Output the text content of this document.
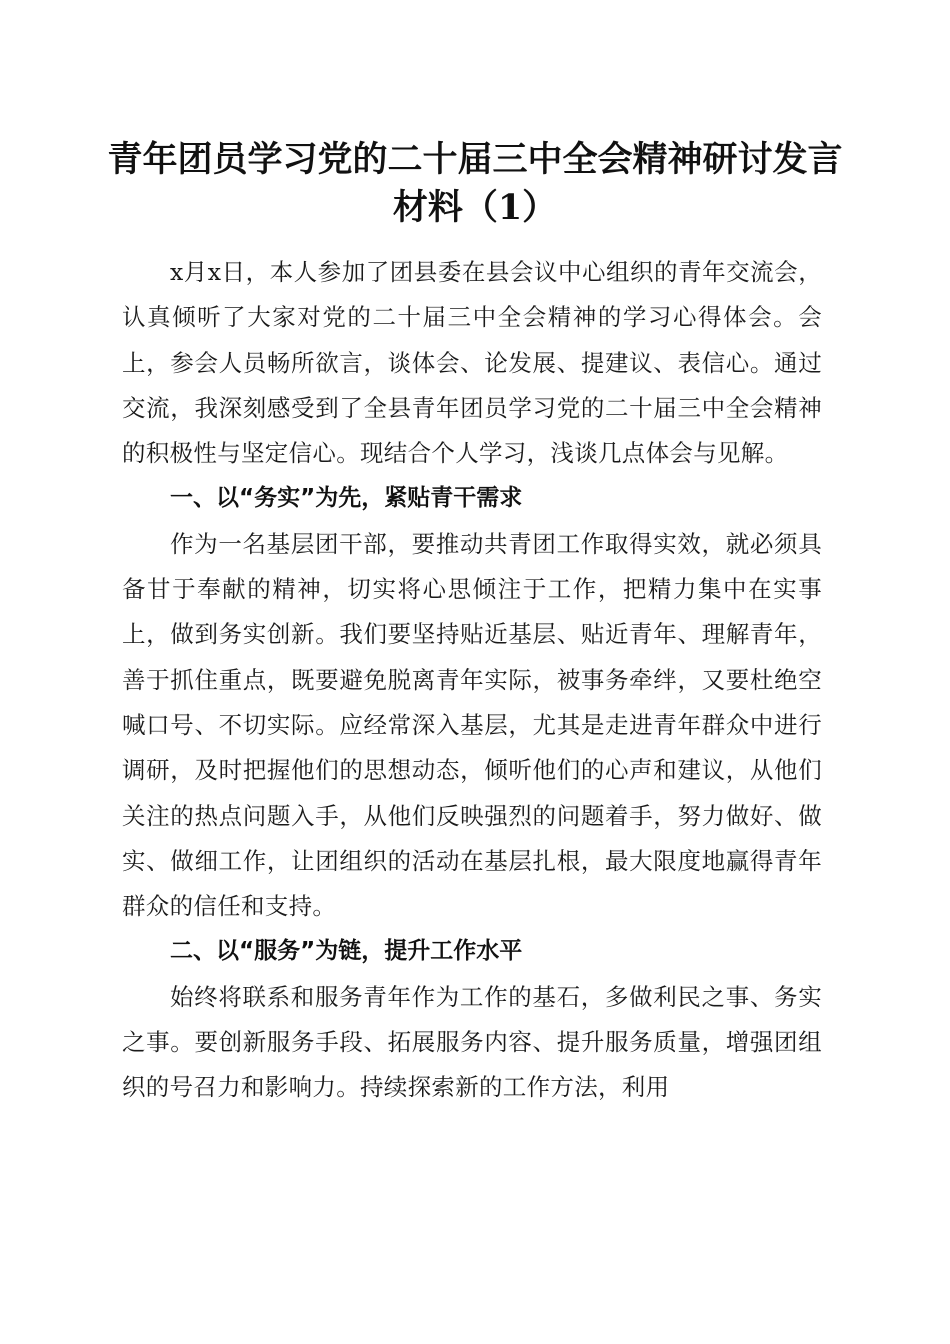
青年团员学习党的二十届三中全会精神研讨发言材料（1）

x月x日，本人参加了团县委在县会议中心组织的青年交流会，认真倾听了大家对党的二十届三中全会精神的学习心得体会。会上，参会人员畅所欲言，谈体会、论发展、提建议、表信心。通过交流，我深刻感受到了全县青年团员学习党的二十届三中全会精神的积极性与坚定信心。现结合个人学习，浅谈几点体会与见解。

一、以“务实”为先，紧贴青干需求

作为一名基层团干部，要推动共青团工作取得实效，就必须具备甘于奉献的精神，切实将心思倾注于工作，把精力集中在实事上，做到务实创新。我们要坚持贴近基层、贴近青年、理解青年，善于抓住重点，既要避免脱离青年实际，被事务牵绊，又要杜绝空喊口号、不切实际。应经常深入基层，尤其是走进青年群众中进行调研，及时把握他们的思想动态，倾听他们的心声和建议，从他们关注的热点问题入手，从他们反映强烈的问题着手，努力做好、做实、做细工作，让团组织的活动在基层扎根，最大限度地赢得青年群众的信任和支持。

二、以“服务”为链，提升工作水平

始终将联系和服务青年作为工作的基石，多做利民之事、务实之事。要创新服务手段、拓展服务内容、提升服务质量，增强团组织的号召力和影响力。持续探索新的工作方法，利用
